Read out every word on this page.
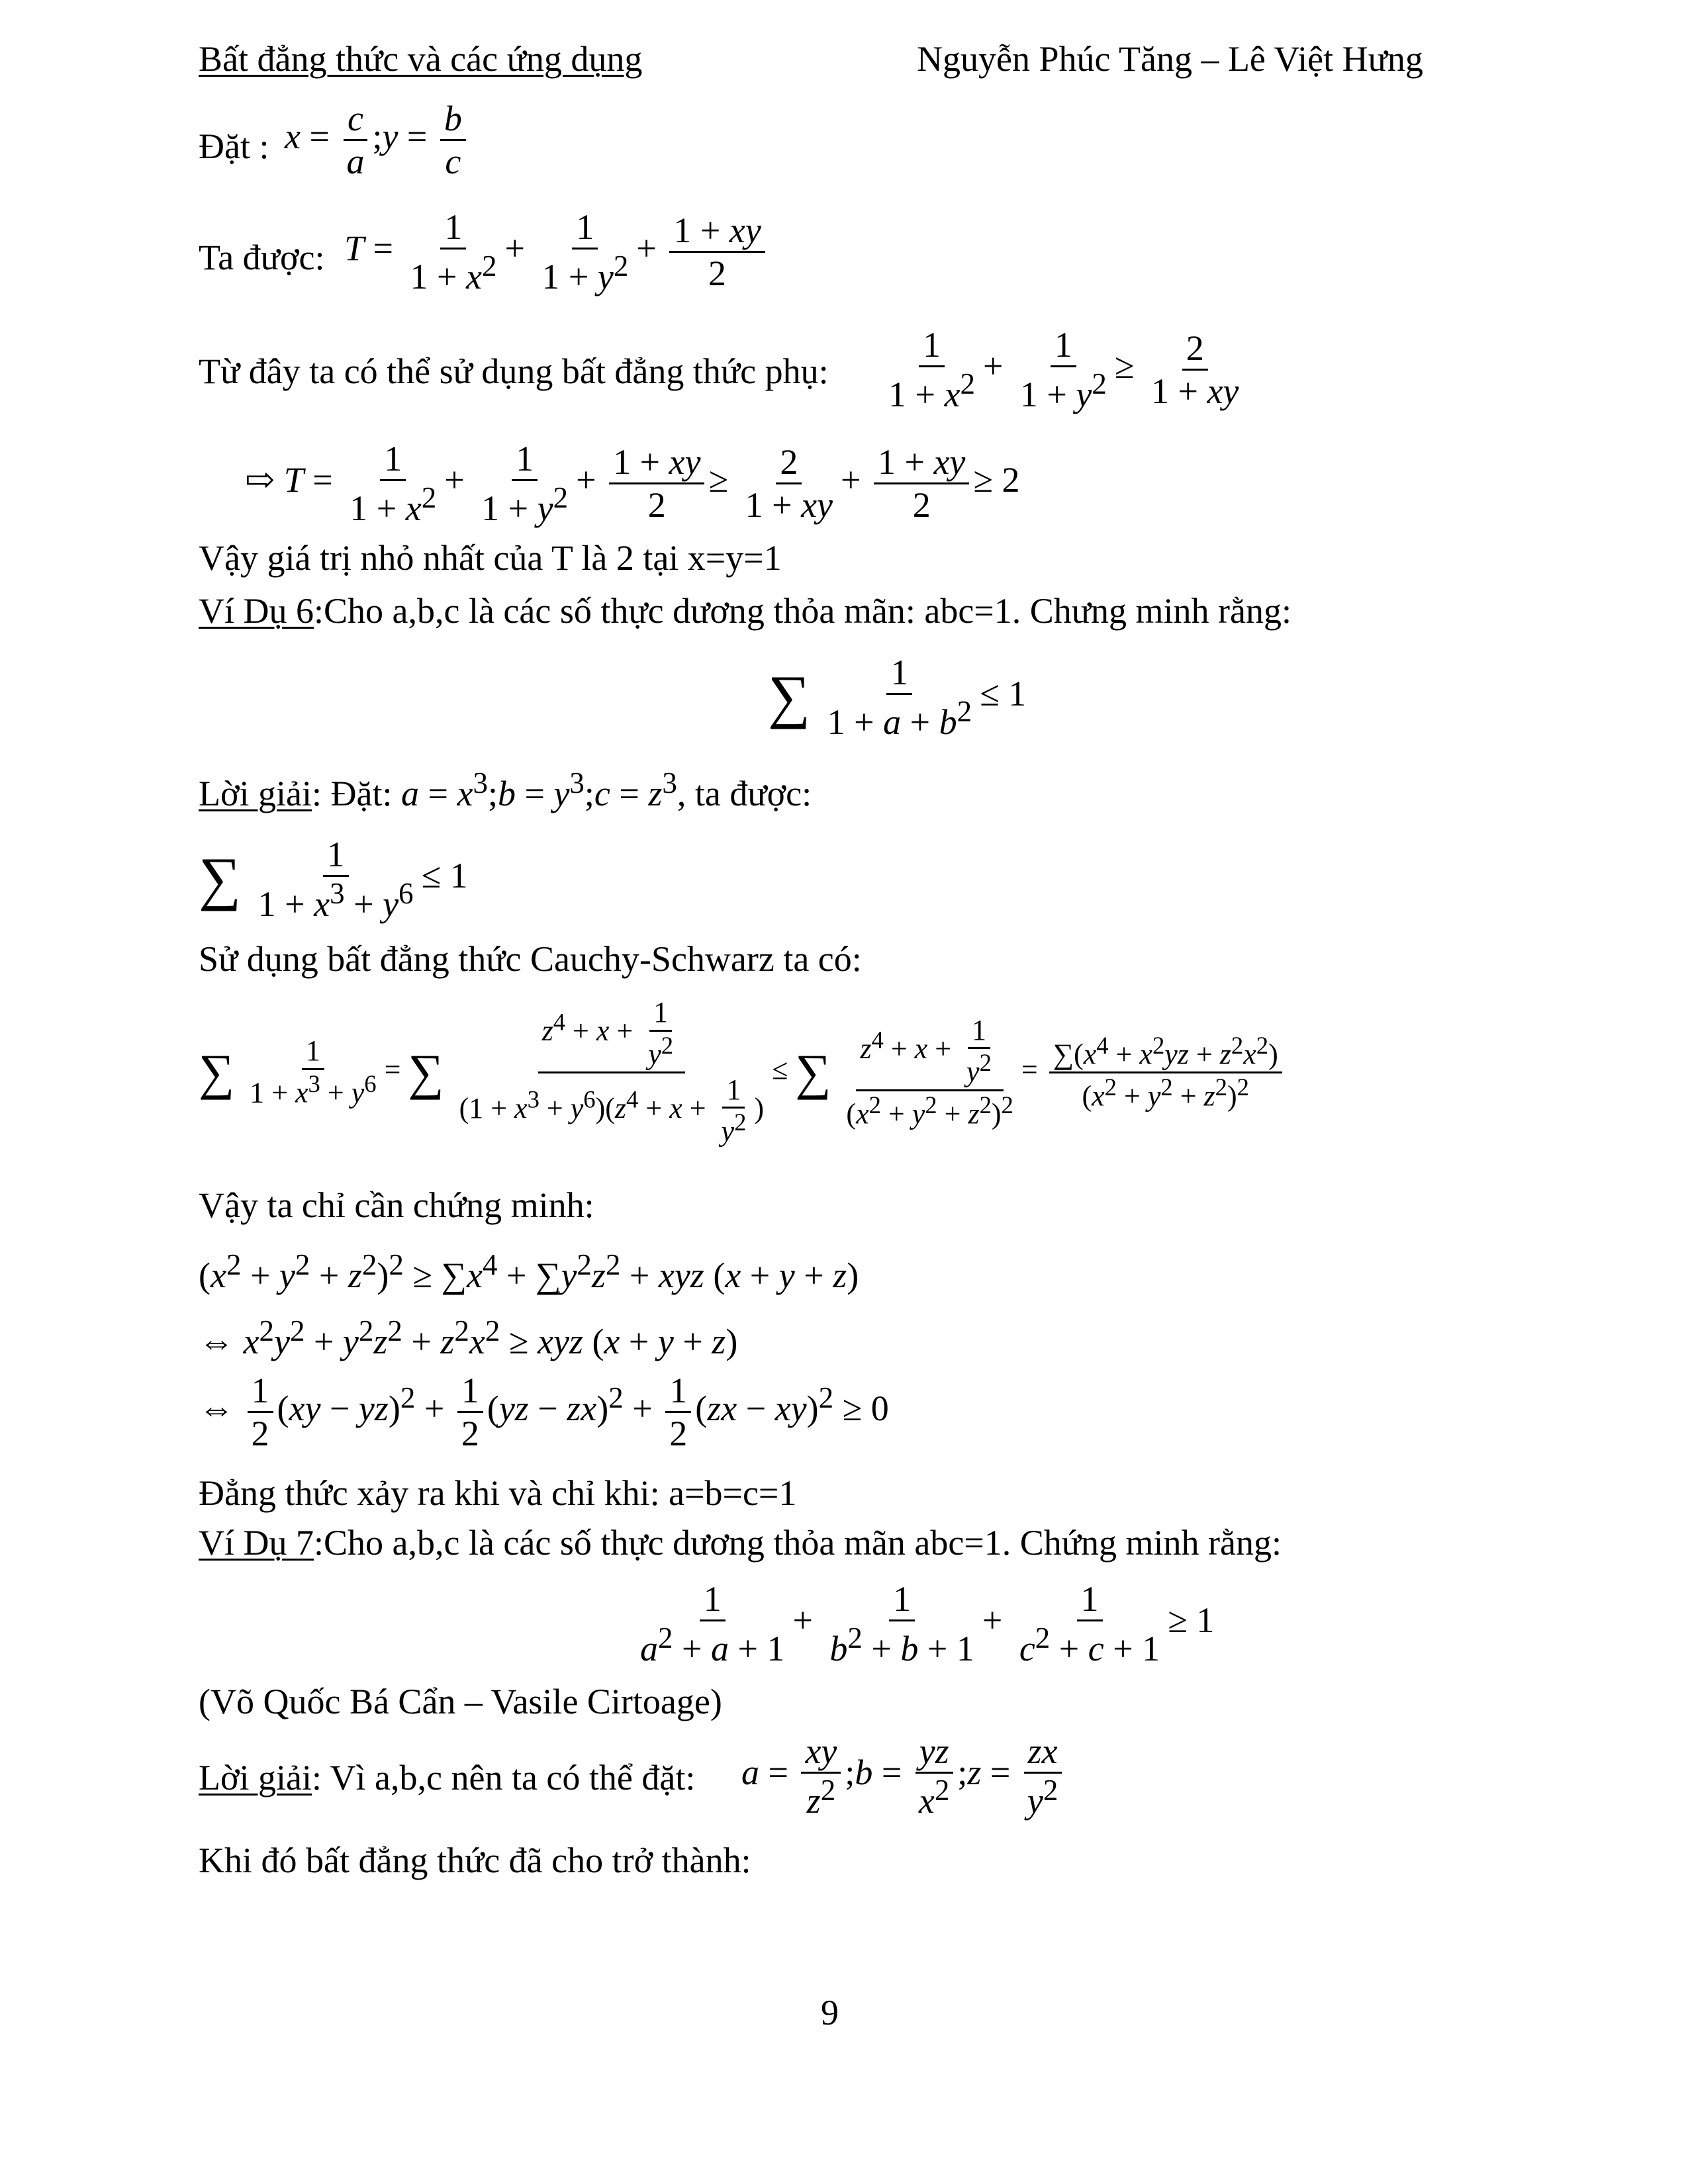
Bất đẳng thức và các ứng dụng	Nguyễn Phúc Tăng – Lê Việt Hưng
Đặt : $x = \frac{c}{a}$ ;y = $\frac{b}{c}$
Ta được: $T = \frac{1}{1 + x^2} + \frac{1}{1 + y^2} + \frac{1 + xy}{2}$
Từ đây ta có thể sử dụng bất đẳng thức phụ: $\frac{1}{1 + x^2} + \frac{1}{1 + y^2} \ge \frac{2}{1 + xy}$
⇨ $T = \frac{1}{1 + x^2} + \frac{1}{1 + y^2} + \frac{1 + xy}{2} \ge \frac{2}{1 + xy} + \frac{1 + xy}{2} \ge 2$
Vậy giá trị nhỏ nhất của T là 2 tại x=y=1
Ví Dụ 6:Cho a,b,c là các số thực dương thỏa mãn: abc=1. Chưng minh rằng:
∑ $\frac{1}{1 + a + b^2} \le 1$
Lời giải: Đặt: $a = x^3;b$ = $y^3;c = z^3$, ta được:
∑ $\frac{1}{1 + x^3 + y^6} \le 1$
Sử dụng bất đẳng thức Cauchy-Schwarz ta có:
∑ $\frac{1}{1 + x^3 + y^6}$ = ∑ $\frac{z^4 + x + \frac{1}{y^2}}{(1 + x^3 + y^6)(z^4 + x + \frac{1}{y^2} )}$ ≤ ∑ $\frac{z^4 + x + \frac{1}{y^2}}{(x^2 + y^2 + z^2)^2} = \frac{\sum(x^4 + x^2yz + z^2x^2)}{(x^2 + y^2 + z^2)^2}$
Vậy ta chỉ cần chứng minh:
$(x^2 + y^2 + z^2)^2 \ge \sum x^4 + \sum y^2z^2$ + xyz (x + y + z)
⇔ $x^2y^2 + y^2z^2 + z^2x^2$ ≥ xyz (x + y + z)
⇔ $\frac{1}{2} (xy - yz)^2 + \frac{1}{2} (yz - zx)^2 + \frac{1}{2} (zx - xy)^2 \ge 0$
Đẳng thức xảy ra khi và chỉ khi: a=b=c=1
Ví Dụ 7:Cho a,b,c là các số thực dương thỏa mãn abc=1. Chứng minh rằng:
$\frac{1}{a^2 + a + 1} + \frac{1}{b^2 + b + 1} + \frac{1}{c^2 + c + 1} \ge 1$
(Võ Quốc Bá Cẩn – Vasile Cirtoage)
Lời giải: Vì a,b,c nên ta có thể đặt: $a = \frac{xy}{z^2}$ ;b = $\frac{yz}{x^2}$ ;z = $\frac{zx}{y^2}$
Khi đó bất đẳng thức đã cho trở thành:
9
